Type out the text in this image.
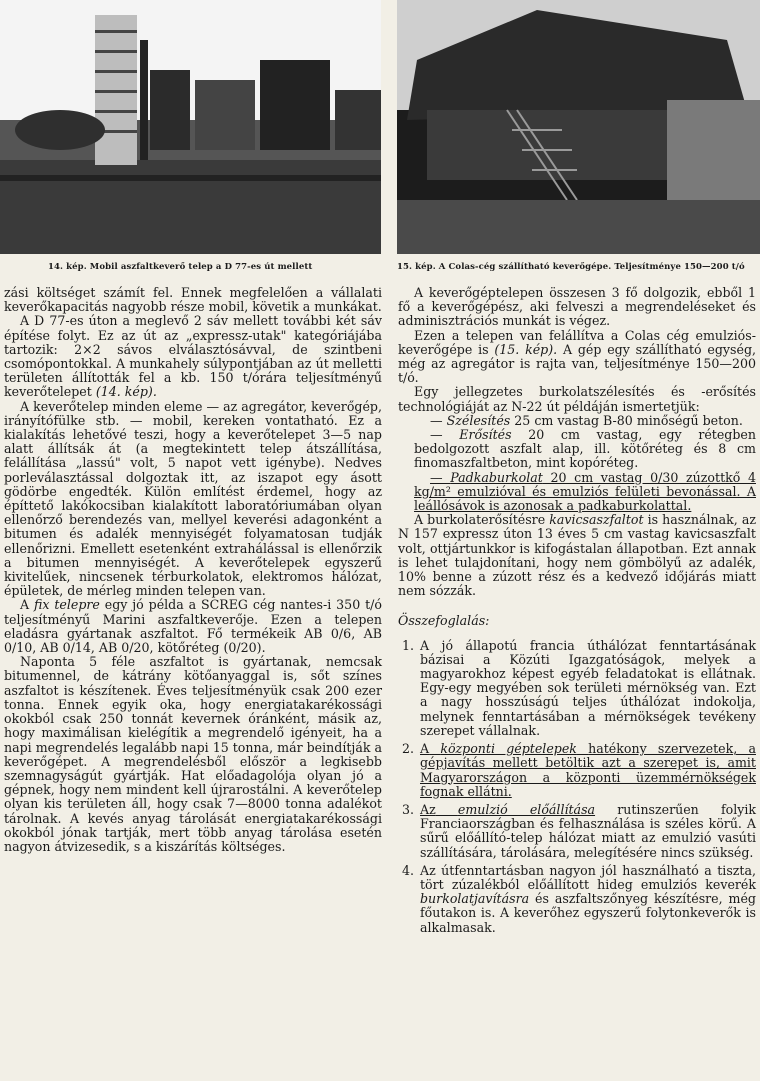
14. kép. Mobil aszfaltkeverő telep a D 77-es út mellett	15. kép. A Colas-cég szállítható keverőgépe. Teljesítménye 150—200 t/ó

zási költséget számít fel. Ennek megfelelően a vállalati keverőkapacitás nagyobb része mobil, követik a munkákat.

A D 77-es úton a meglevő 2 sáv mellett további két sáv építése folyt. Ez az út az „expressz-utak" kategóriájába tartozik: 2×2 sávos elválasztósávval, de szintbeni csomópontokkal. A munkahely súlypontjában az út melletti területen állították fel a kb. 150 t/órára teljesítményű keverőtelepet (14. kép).

A keverőtelep minden eleme — az agregátor, keverőgép, irányítófülke stb. — mobil, kereken vontatható. Ez a kialakítás lehetővé teszi, hogy a keverőtelepet 3—5 nap alatt állítsák át (a megtekintett telep átszállítása, felállítása „lassú" volt, 5 napot vett igénybe). Nedves porleválasztással dolgoztak itt, az iszapot egy ásott gödörbe engedték. Külön említést érdemel, hogy az építtető lakókocsiban kialakított laboratóriumában olyan ellenőrző berendezés van, mellyel keverési adagonként a bitumen és adalék mennyiségét folyamatosan tudják ellenőrizni. Emellett esetenként extrahálással is ellenőrzik a bitumen mennyiségét. A keverőtelepek egyszerű kivitelűek, nincsenek térburkolatok, elektromos hálózat, épületek, de mérleg minden telepen van.

A fix telepre egy jó példa a SCREG cég nantes-i 350 t/ó teljesítményű Marini aszfaltkeverője. Ezen a telepen eladásra gyártanak aszfaltot. Fő termékeik AB 0/6, AB 0/10, AB 0/14, AB 0/20, kötőréteg (0/20).

Naponta 5 féle aszfaltot is gyártanak, nemcsak bitumennel, de kátrány kötőanyaggal is, sőt színes aszfaltot is készítenek. Éves teljesítményük csak 200 ezer tonna. Ennek egyik oka, hogy energiatakarékossági okokból csak 250 tonnát kevernek óránként, másik az, hogy maximálisan kielégítik a megrendelő igényeit, ha a napi megrendelés legalább napi 15 tonna, már beindítják a keverőgépet. A megrendelésből először a legkisebb szemnagyságút gyártják. Hat előadagolója olyan jó a gépnek, hogy nem mindent kell újrarostálni. A keverőtelep olyan kis területen áll, hogy csak 7—8000 tonna adalékot tárolnak. A kevés anyag tárolását energiatakarékossági okokból jónak tartják, mert több anyag tárolása esetén nagyon átvizesedik, s a kiszárítás költséges.

A keverőgéptelepen összesen 3 fő dolgozik, ebből 1 fő a keverőgépész, aki felveszi a megrendeléseket és adminisztrációs munkát is végez.

Ezen a telepen van felállítva a Colas cég emulziós-keverőgépe is (15. kép). A gép egy szállítható egység, még az agregátor is rajta van, teljesítménye 150—200 t/ó.

Egy jellegzetes burkolatszélesítés és -erősítés technológiáját az N-22 út példáján ismertetjük:

— Szélesítés 25 cm vastag B-80 minőségű beton.

— Erősítés 20 cm vastag, egy rétegben bedolgozott aszfalt alap, ill. kötőréteg és 8 cm finomaszfaltbeton, mint kopóréteg.

— Padkaburkolat 20 cm vastag 0/30 zúzottkő 4 kg/m² emulzióval és emulziós felületi bevonással. A leállósávok is azonosak a padkaburkolattal.

A burkolaterősítésre kavicsaszfaltot is használnak, az N 157 expressz úton 13 éves 5 cm vastag kavicsaszfalt volt, ottjártunkkor is kifogástalan állapotban. Ezt annak is lehet tulajdonítani, hogy nem gömbölyű az adalék, 10% benne a zúzott rész és a kedvező időjárás miatt nem sózzák.

Összefoglalás:

1. A jó állapotú francia úthálózat fenntartásának bázisai a Közúti Igazgatóságok, melyek a magyarokhoz képest egyéb feladatokat is ellátnak. Egy-egy megyében sok területi mérnökség van. Ezt a nagy hosszúságú teljes úthálózat indokolja, melynek fenntartásában a mérnökségek tevékeny szerepet vállalnak.
2. A központi géptelepek hatékony szervezetek, a gépjavítás mellett betöltik azt a szerepet is, amit Magyarországon a központi üzemmérnökségek fognak ellátni.
3. Az emulzió előállítása rutinszerűen folyik Franciaországban és felhasználása is széles körű. A sűrű előállító-telep hálózat miatt az emulzió vasúti szállítására, tárolására, melegítésére nincs szükség.
4. Az útfenntartásban nagyon jól használható a tiszta, tört zúzalékból előállított hideg emulziós keverék burkolatjavításra és aszfaltszőnyeg készítésre, még főutakon is. A keverőhez egyszerű folytonkeverők is alkalmasak.
